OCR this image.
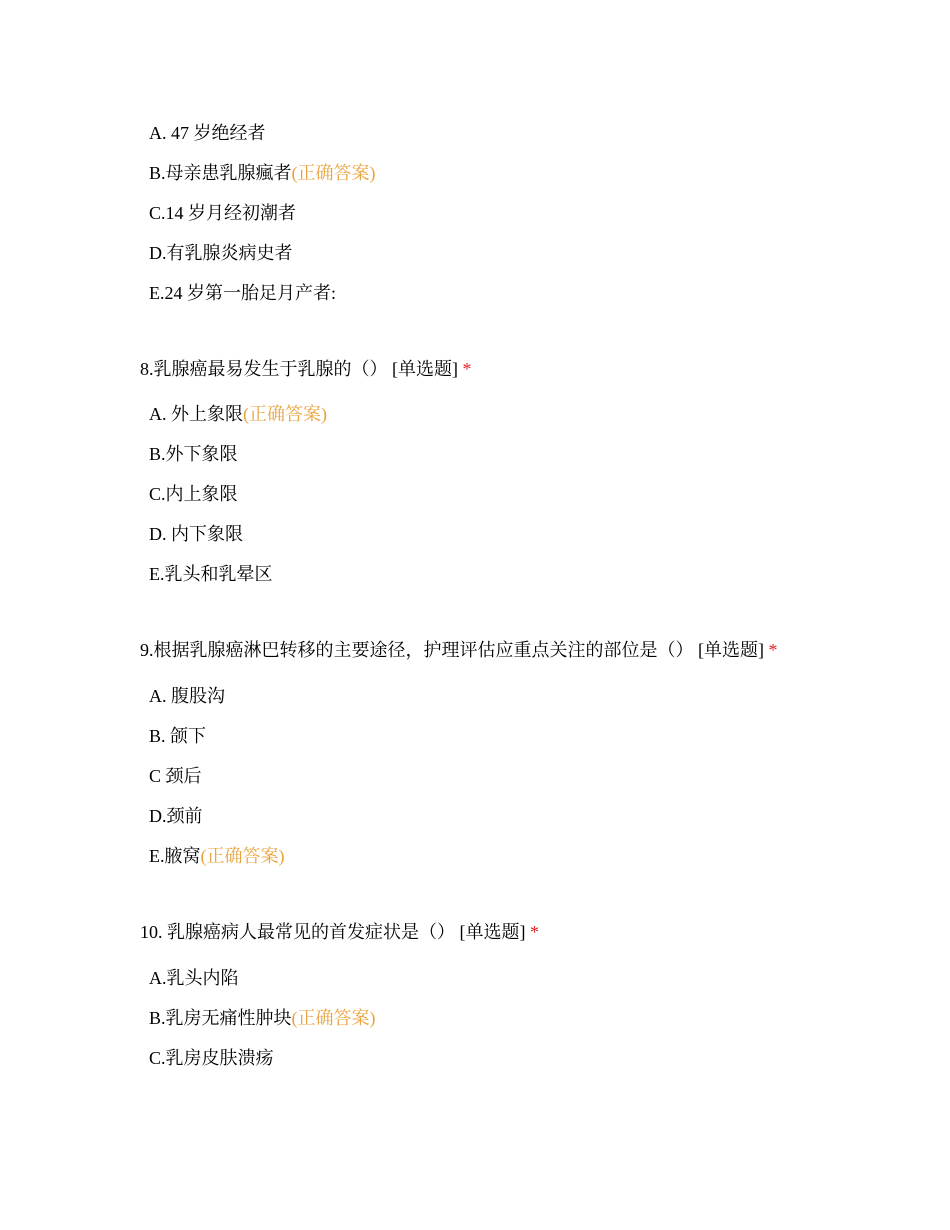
A. 47 岁绝经者
B.母亲患乳腺瘋者(正确答案)
C.14 岁月经初潮者
D.有乳腺炎病史者
E.24 岁第一胎足月产者:
8.乳腺癌最易发生于乳腺的（） [单选题] *
A. 外上象限(正确答案)
B.外下象限
C.内上象限
D. 内下象限
E.乳头和乳晕区
9.根据乳腺癌淋巴转移的主要途径，护理评估应重点关注的部位是（） [单选题] *
A. 腹股沟
B. 颌下
C 颈后
D.颈前
E.腋窝(正确答案)
10. 乳腺癌病人最常见的首发症状是（） [单选题] *
A.乳头内陷
B.乳房无痛性肿块(正确答案)
C.乳房皮肤溃疡
